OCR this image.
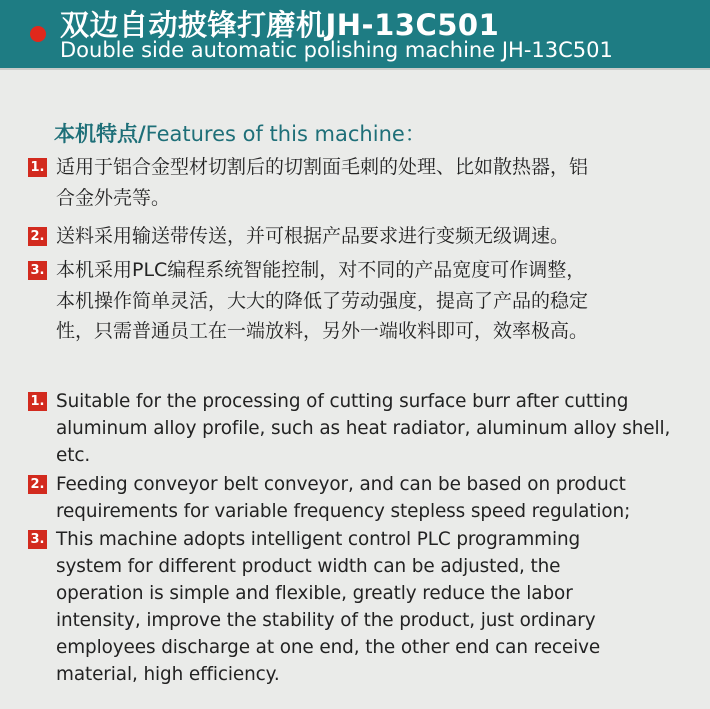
双边自动披锋打磨机JH-13C501
Double side automatic polishing machine JH-13C501
本机特点/Features of this machine：
1. 适用于铝合金型材切割后的切割面毛刺的处理、比如散热器，铝
合金外壳等。
2. 送料采用输送带传送，并可根据产品要求进行变频无级调速。
3. 本机采用PLC编程系统智能控制，对不同的产品宽度可作调整，
本机操作简单灵活，大大的降低了劳动强度，提高了产品的稳定
性，只需普通员工在一端放料，另外一端收料即可，效率极高。
1. Suitable for the processing of cutting surface burr after cutting
aluminum alloy profile, such as heat radiator, aluminum alloy shell,
etc.
2. Feeding conveyor belt conveyor, and can be based on product
requirements for variable frequency stepless speed regulation;
3. This machine adopts intelligent control PLC programming
system for different product width can be adjusted, the
operation is simple and flexible, greatly reduce the labor
intensity, improve the stability of the product, just ordinary
employees discharge at one end, the other end can receive
material, high efficiency.
